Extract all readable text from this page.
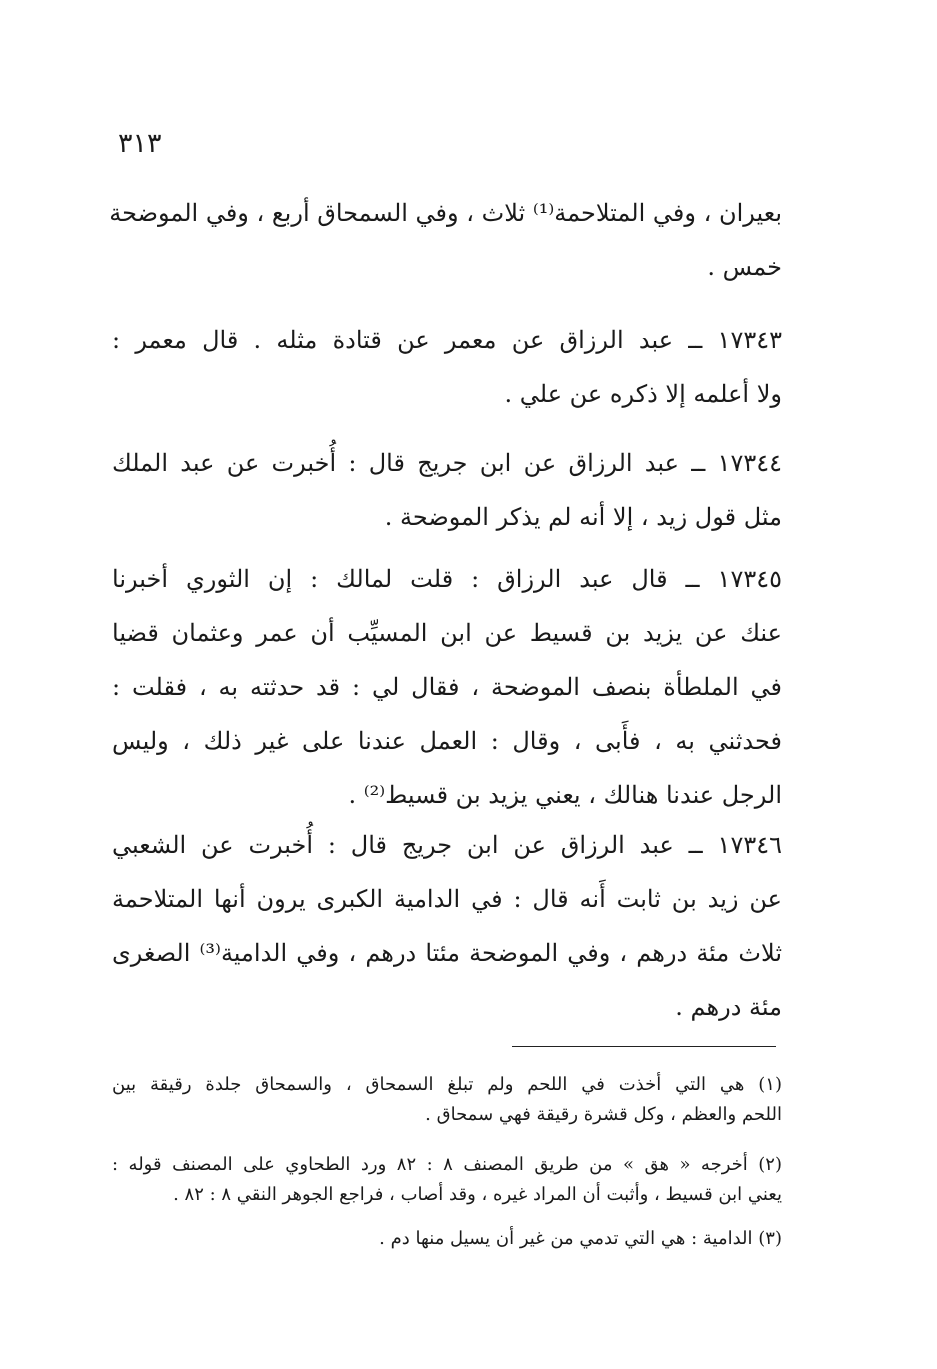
٣١٣
بعيران ، وفي المتلاحمة⁽¹⁾ ثلاث ، وفي السمحاق أربع ، وفي الموضحة
خمس .
١٧٣٤٣ ــ عبد الرزاق عن معمر عن قتادة مثله . قال معمر :
ولا أعلمه إلا ذكره عن علي .
١٧٣٤٤ ــ عبد الرزاق عن ابن جريج قال : أُخبرت عن عبد الملك
مثل قول زيد ، إلا أنه لم يذكر الموضحة .
١٧٣٤٥ ــ قال عبد الرزاق : قلت لمالك : إن الثوري أخبرنا
عنك عن يزيد بن قسيط عن ابن المسيِّب أن عمر وعثمان قضيا
في الملطأة بنصف الموضحة ، فقال لي : قد حدثته به ، فقلت :
فحدثني به ، فأَبى ، وقال : العمل عندنا على غير ذلك ، وليس
الرجل عندنا هنالك ، يعني يزيد بن قسيط⁽²⁾ .
١٧٣٤٦ ــ عبد الرزاق عن ابن جريج قال : أُخبرت عن الشعبي
عن زيد بن ثابت أَنه قال : في الدامية الكبرى يرون أنها المتلاحمة
ثلاث مئة درهم ، وفي الموضحة مئتا درهم ، وفي الدامية⁽³⁾ الصغرى
مئة درهم .
(١) هي التي أخذت في اللحم ولم تبلغ السمحاق ، والسمحاق جلدة رقيقة بين
اللحم والعظم ، وكل قشرة رقيقة فهي سمحاق .
(٢) أخرجه « هق » من طريق المصنف ٨ : ٨٢ ورد الطحاوي على المصنف قوله :
يعني ابن قسيط ، وأثبت أن المراد غيره ، وقد أصاب ، فراجع الجوهر النقي ٨ : ٨٢ .
(٣) الدامية : هي التي تدمي من غير أن يسيل منها دم .
